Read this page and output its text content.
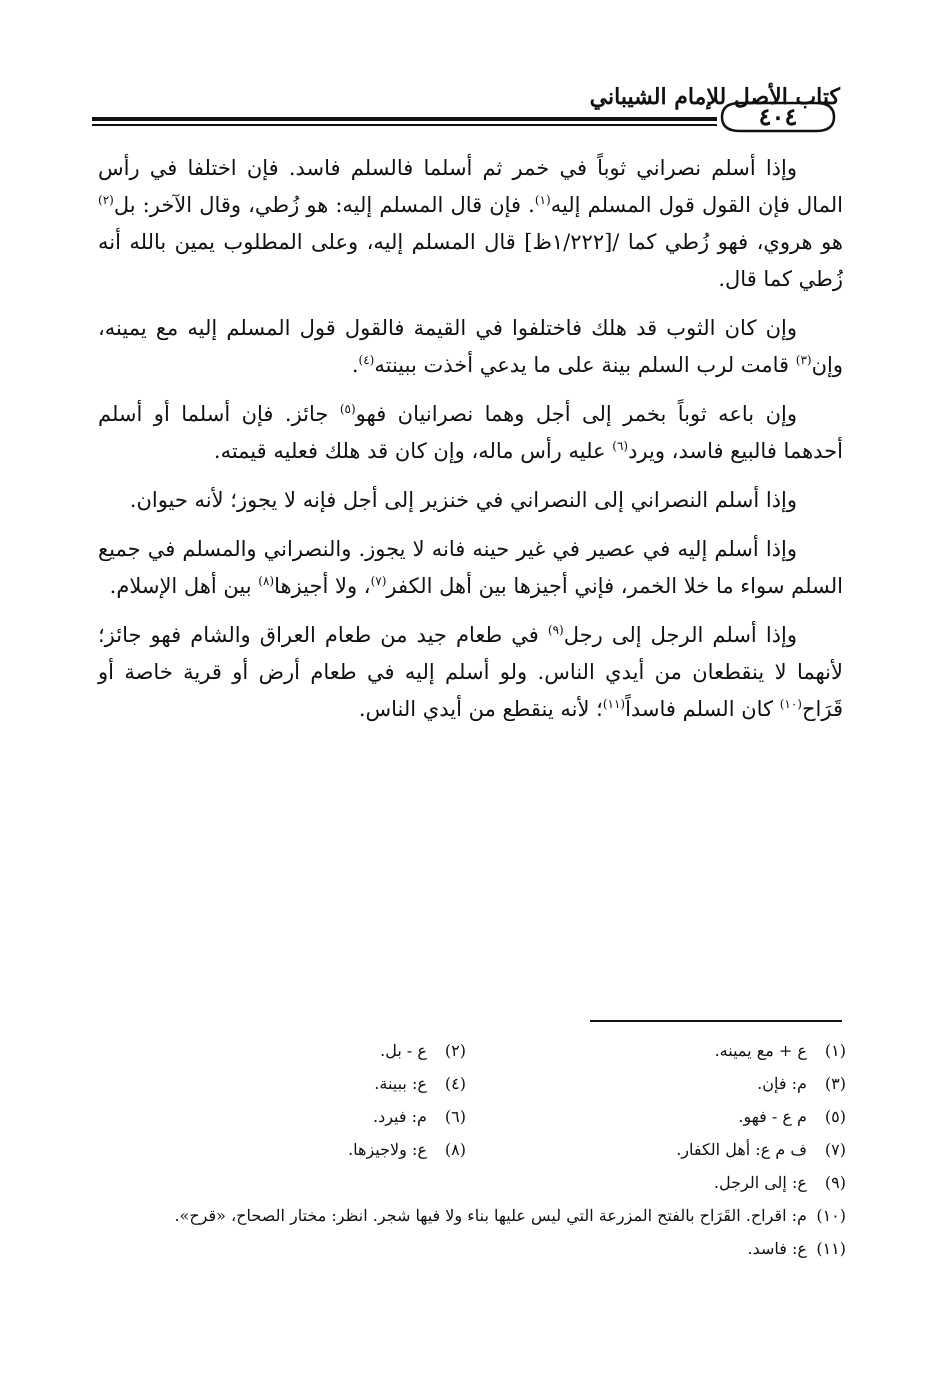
كتاب الأصل للإمام الشيباني
٤٠٤

وإذا أسلم نصراني ثوباً في خمر ثم أسلما فالسلم فاسد. فإن اختلفا في رأس المال فإن القول قول المسلم إليه$^{(١)}$. فإن قال المسلم إليه: هو زُطي، وقال الآخر: بل$^{(٢)}$ هو هروي، فهو زُطي كما /[١/٢٢٢ظ] قال المسلم إليه، وعلى المطلوب يمين بالله أنه زُطي كما قال.

وإن كان الثوب قد هلك فاختلفوا في القيمة فالقول قول المسلم إليه مع يمينه، وإن$^{(٣)}$ قامت لرب السلم بينة على ما يدعي أخذت ببينته$^{(٤)}$.

وإن باعه ثوباً بخمر إلى أجل وهما نصرانيان فهو$^{(٥)}$ جائز. فإن أسلما أو أسلم أحدهما فالبيع فاسد، ويرد$^{(٦)}$ عليه رأس ماله، وإن كان قد هلك فعليه قيمته.

وإذا أسلم النصراني إلى النصراني في خنزير إلى أجل فإنه لا يجوز؛ لأنه حيوان.

وإذا أسلم إليه في عصير في غير حينه فانه لا يجوز. والنصراني والمسلم في جميع السلم سواء ما خلا الخمر، فإني أجيزها بين أهل الكفر$^{(٧)}$، ولا أجيزها$^{(٨)}$ بين أهل الإسلام.

وإذا أسلم الرجل إلى رجل$^{(٩)}$ في طعام جيد من طعام العراق والشام فهو جائز؛ لأنهما لا ينقطعان من أيدي الناس. ولو أسلم إليه في طعام أرض أو قرية خاصة أو قَرَاح$^{(١٠)}$ كان السلم فاسداً$^{(١١)}$؛ لأنه ينقطع من أيدي الناس.

(١) ع + مع يمينه.
(٢) ع - بل.
(٣) م: فإن.
(٤) ع: ببينة.
(٥) م ع - فهو.
(٦) م: فيرد.
(٧) ف م ع: أهل الكفار.
(٨) ع: ولاجيزها.
(٩) ع: إلى الرجل.
(١٠) م: اقراح. القَرَاح بالفتح المزرعة التي ليس عليها بناء ولا فيها شجر. انظر: مختار الصحاح، «قرح».
(١١) ع: فاسد.
